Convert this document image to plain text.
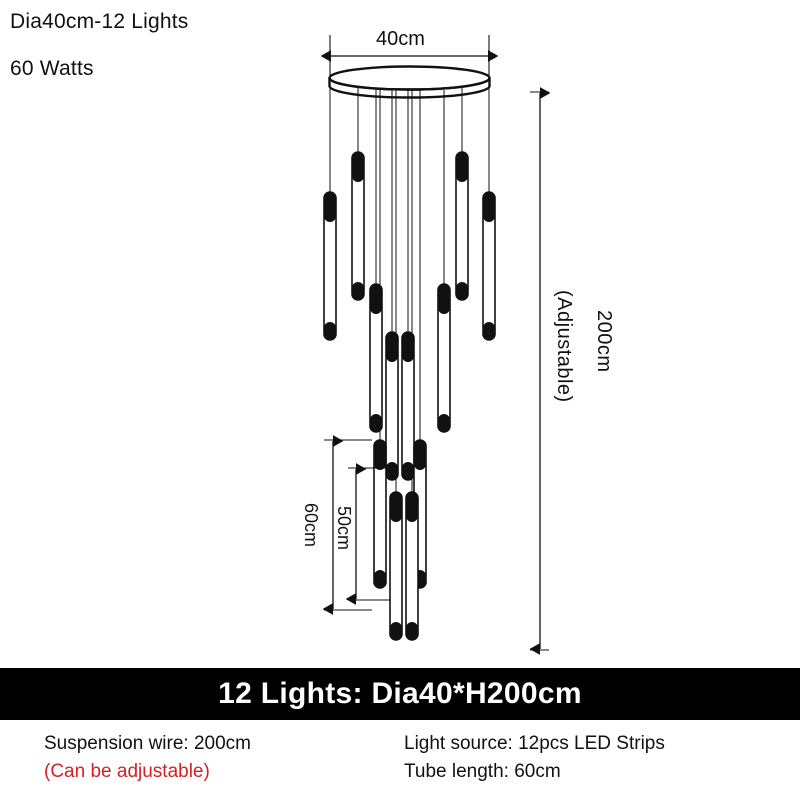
Dia40cm-12 Lights
60 Watts
40cm
200cm
(Adjustable)
60cm 50cm
12 Lights: Dia40*H200cm
Suspension wire: 200cm
(Can be adjustable)
Light source: 12pcs LED Strips
Tube length: 60cm
